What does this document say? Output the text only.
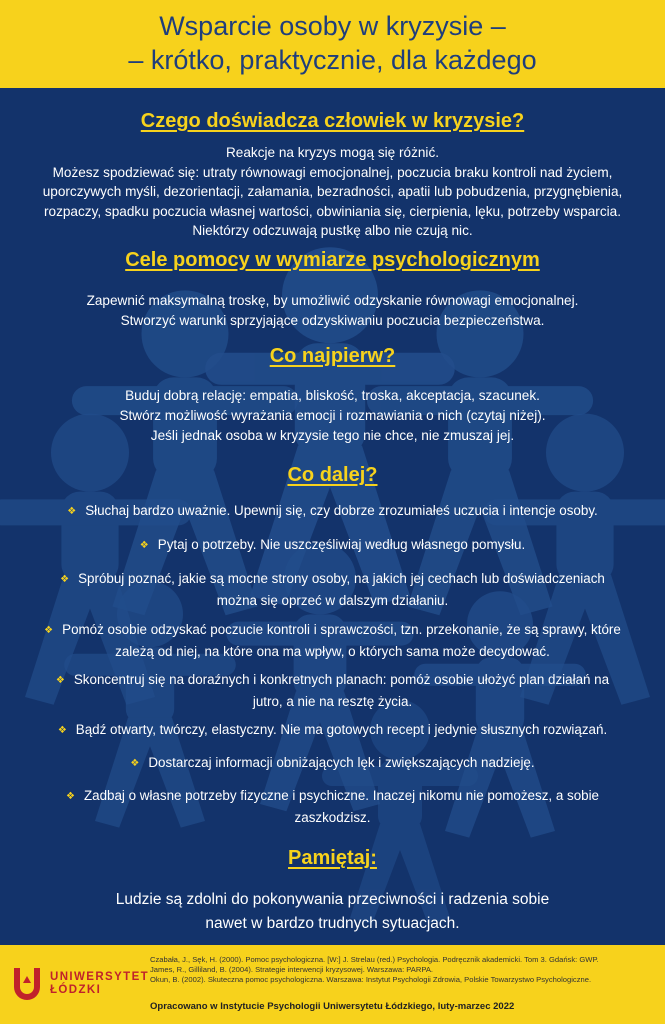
Wsparcie osoby w kryzysie –
– krótko, praktycznie, dla każdego
Czego doświadcza człowiek w kryzysie?
Reakcje na kryzys mogą się różnić.
Możesz spodziewać się: utraty równowagi emocjonalnej, poczucia braku kontroli nad życiem,
uporczywych myśli, dezorientacji, załamania, bezradności, apatii lub pobudzenia, przygnębienia,
rozpaczy, spadku poczucia własnej wartości, obwiniania się, cierpienia, lęku, potrzeby wsparcia.
Niektórzy odczuwają pustkę albo nie czują nic.
Cele pomocy w wymiarze psychologicznym
Zapewnić maksymalną troskę, by umożliwić odzyskanie równowagi emocjonalnej.
Stworzyć warunki sprzyjające odzyskiwaniu poczucia bezpieczeństwa.
Co najpierw?
Buduj dobrą relację: empatia, bliskość, troska, akceptacja, szacunek.
Stwórz możliwość wyrażania emocji i rozmawiania o nich (czytaj niżej).
Jeśli jednak osoba w kryzysie tego nie chce, nie zmuszaj jej.
Co dalej?
❖ Słuchaj bardzo uważnie. Upewnij się, czy dobrze zrozumiałeś uczucia i intencje osoby.
❖ Pytaj o potrzeby. Nie uszczęśliwiaj według własnego pomysłu.
❖ Spróbuj poznać, jakie są mocne strony osoby, na jakich jej cechach lub doświadczeniach
można się oprzeć w dalszym działaniu.
❖ Pomóż osobie odzyskać poczucie kontroli i sprawczości, tzn. przekonanie, że są sprawy, które
zależą od niej, na które ona ma wpływ, o których sama może decydować.
❖ Skoncentruj się na doraźnych i konkretnych planach: pomóż osobie ułożyć plan działań na
jutro, a nie na resztę życia.
❖ Bądź otwarty, twórczy, elastyczny. Nie ma gotowych recept i jedynie słusznych rozwiązań.
❖ Dostarczaj informacji obniżających lęk i zwiększających nadzieję.
❖ Zadbaj o własne potrzeby fizyczne i psychiczne. Inaczej nikomu nie pomożesz, a sobie
zaszkodzisz.
Pamiętaj:
Ludzie są zdolni do pokonywania przeciwności i radzenia sobie
nawet w bardzo trudnych sytuacjach.
UNIWERSYTET
ŁÓDZKI
Czabała, J., Sęk, H. (2000). Pomoc psychologiczna. [W:] J. Strelau (red.) Psychologia. Podręcznik akademicki. Tom 3. Gdańsk: GWP.
James, R., Gilliland, B. (2004). Strategie interwencji kryzysowej. Warszawa: PARPA.
Okun, B. (2002). Skuteczna pomoc psychologiczna. Warszawa: Instytut Psychologii Zdrowia, Polskie Towarzystwo Psychologiczne.
Opracowano w Instytucie Psychologii Uniwersytetu Łódzkiego, luty-marzec 2022
